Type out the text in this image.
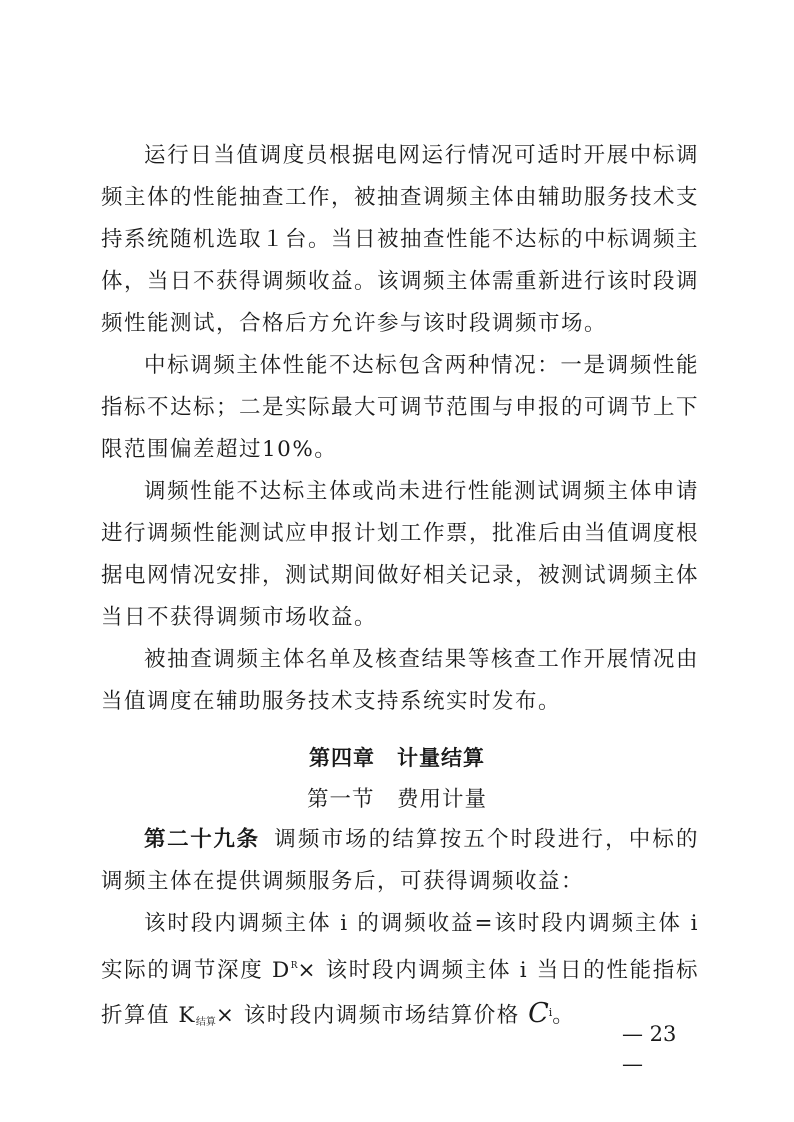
运行日当值调度员根据电网运行情况可适时开展中标调频主体的性能抽查工作，被抽查调频主体由辅助服务技术支持系统随机选取１台。当日被抽查性能不达标的中标调频主体，当日不获得调频收益。该调频主体需重新进行该时段调频性能测试，合格后方允许参与该时段调频市场。

中标调频主体性能不达标包含两种情况：一是调频性能指标不达标；二是实际最大可调节范围与申报的可调节上下限范围偏差超过10%。

调频性能不达标主体或尚未进行性能测试调频主体申请进行调频性能测试应申报计划工作票，批准后由当值调度根据电网情况安排，测试期间做好相关记录，被测试调频主体当日不获得调频市场收益。

被抽查调频主体名单及核查结果等核查工作开展情况由当值调度在辅助服务技术支持系统实时发布。

第四章　计量结算
第一节　费用计量

第二十九条 调频市场的结算按五个时段进行，中标的调频主体在提供调频服务后，可获得调频收益：

该时段内调频主体 i 的调频收益=该时段内调频主体 i 实际的调节深度 $D^R\times$ 该时段内调频主体 i 当日的性能指标折算值 $K_{结算}\times$ 该时段内调频市场结算价格 $C^i$。

— 23 —
